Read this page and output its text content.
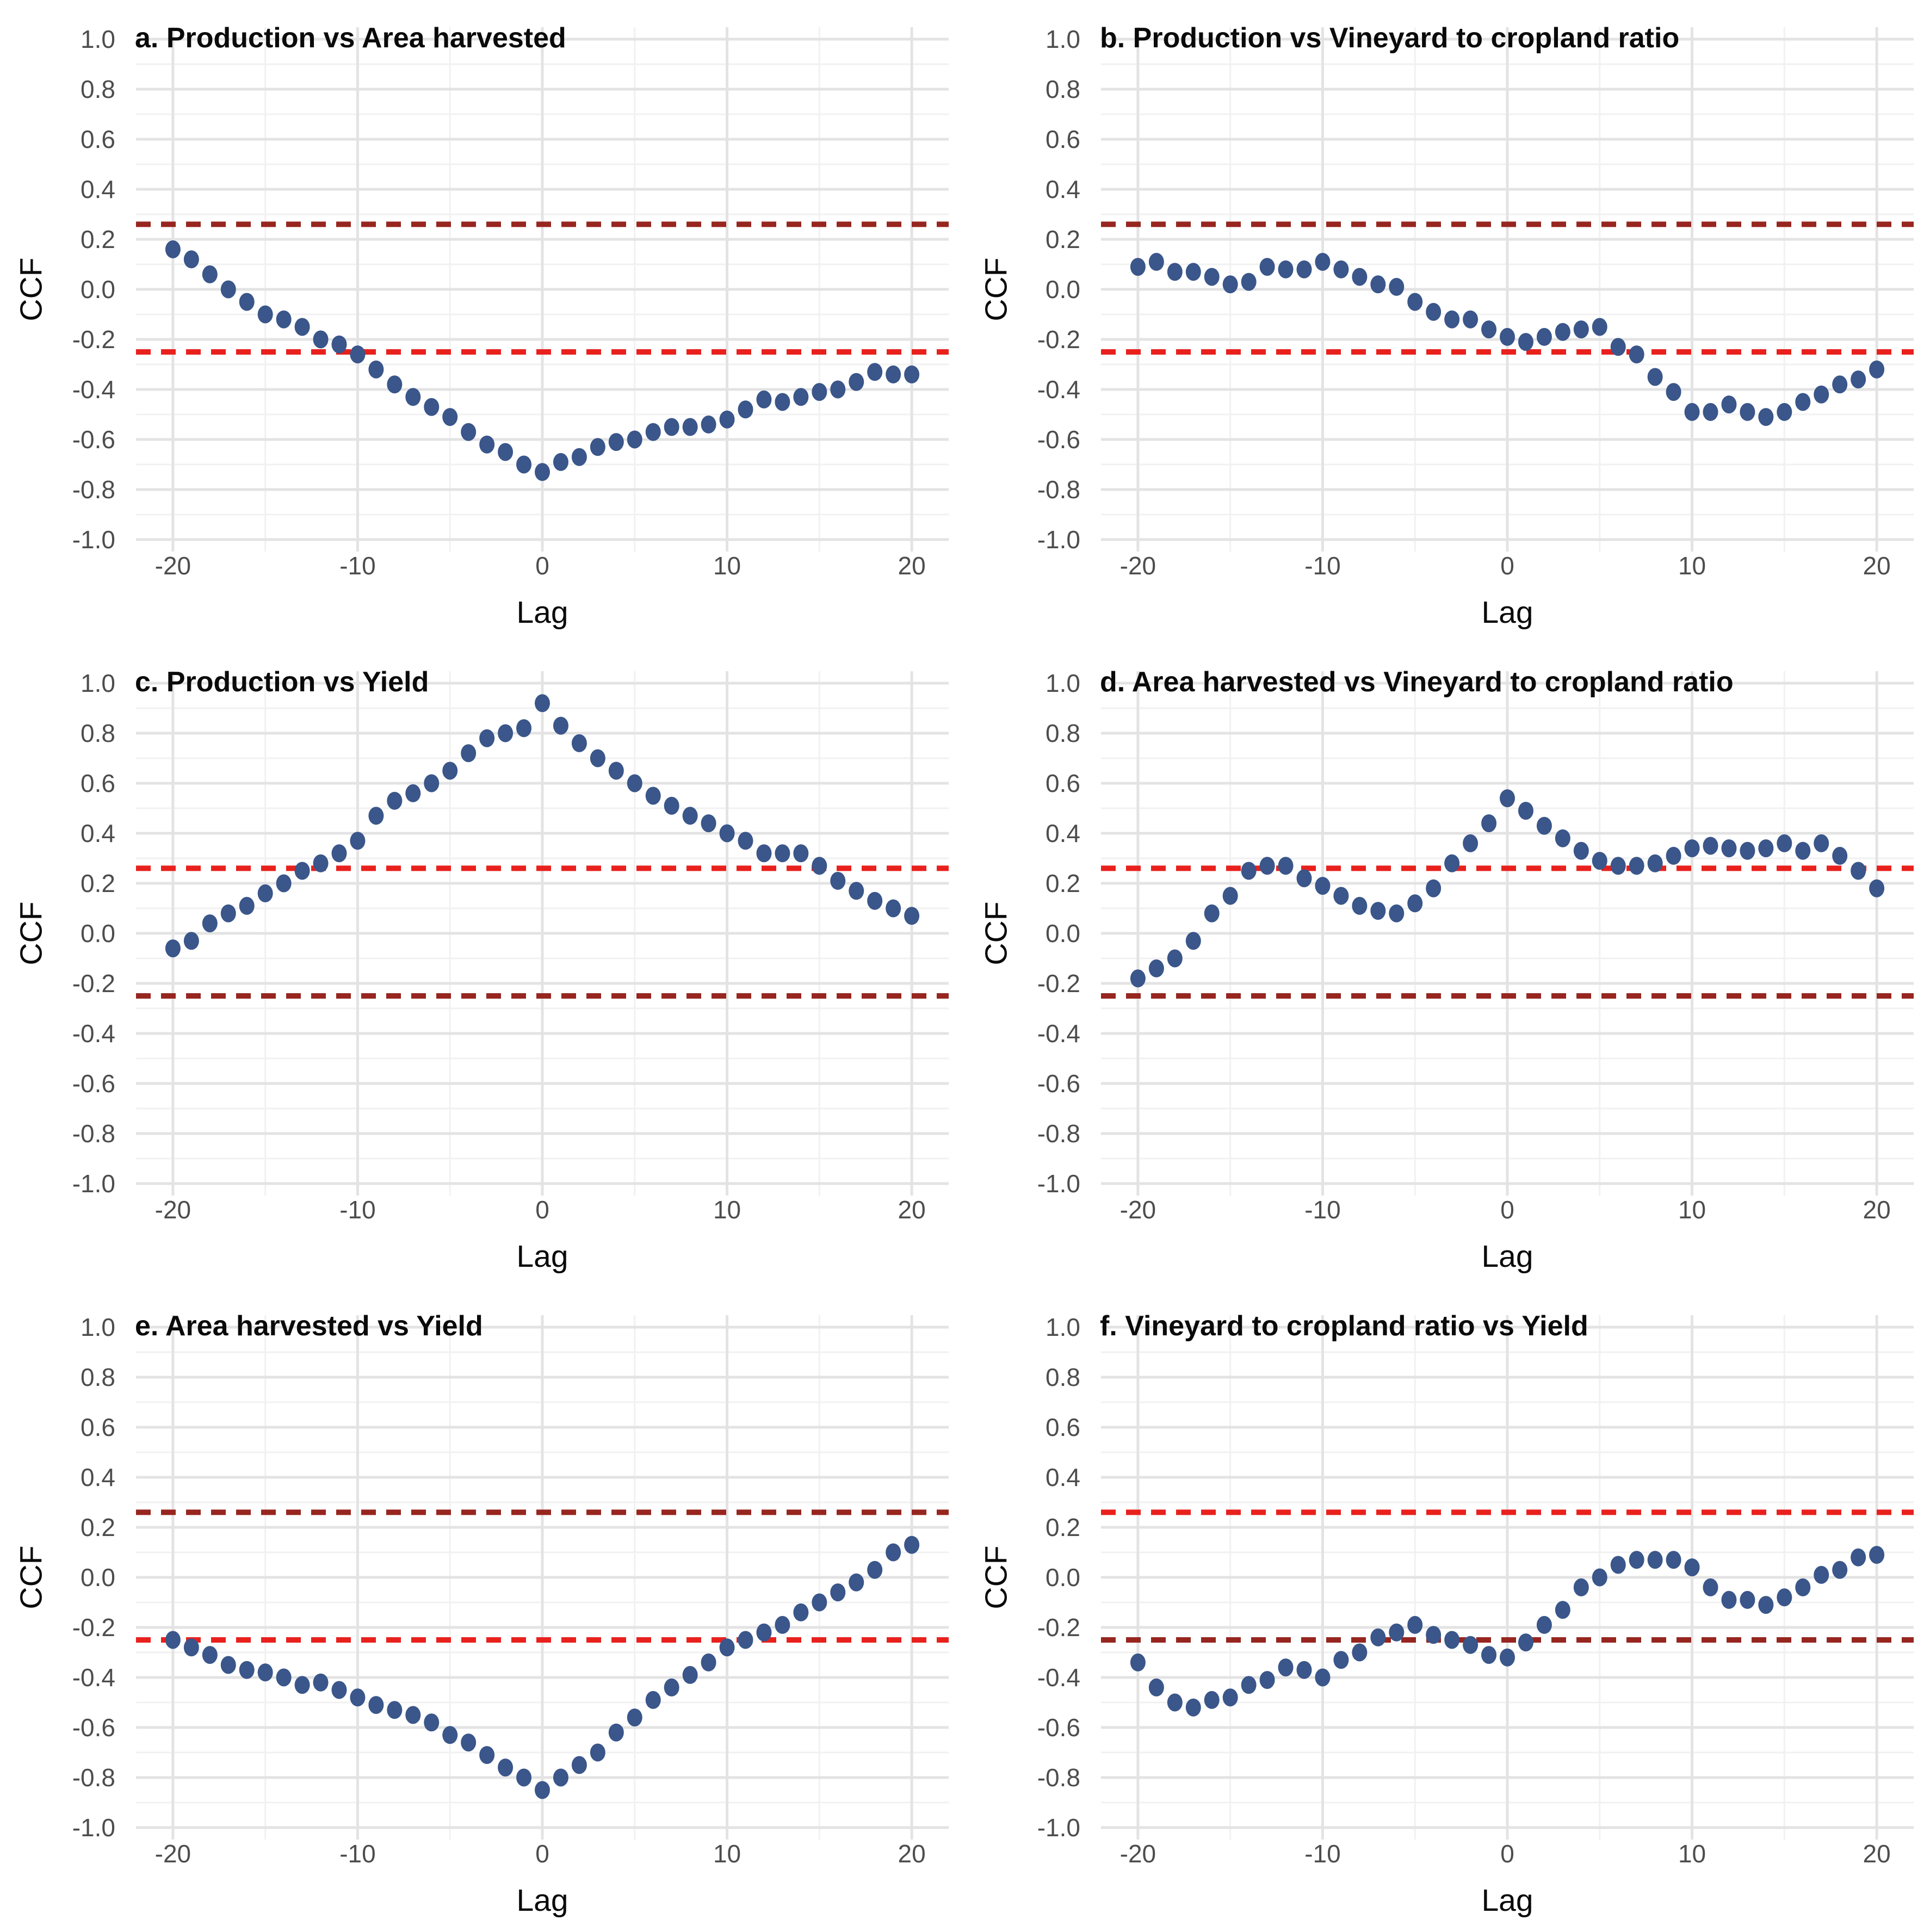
1.0
0.8
0.6
0.4
0.2
0.0
-0.2
-0.4
-0.6
-0.8
-1.0
-20	-10	0	10	20
a. Production vs Area harvested
CCF
Lag
1.0
0.8
0.6
0.4
0.2
0.0
-0.2
-0.4
-0.6
-0.8
-1.0
-20	-10	0	10	20
b. Production vs Vineyard to cropland ratio
CCF
Lag
1.0
0.8
0.6
0.4
0.2
0.0
-0.2
-0.4
-0.6
-0.8
-1.0
-20	-10	0	10	20
c. Production vs Yield
CCF
Lag
1.0
0.8
0.6
0.4
0.2
0.0
-0.2
-0.4
-0.6
-0.8
-1.0
-20	-10	0	10	20
d. Area harvested vs Vineyard to cropland ratio
CCF
Lag
1.0
0.8
0.6
0.4
0.2
0.0
-0.2
-0.4
-0.6
-0.8
-1.0
-20	-10	0	10	20
e. Area harvested vs Yield
CCF
Lag
1.0
0.8
0.6
0.4
0.2
0.0
-0.2
-0.4
-0.6
-0.8
-1.0
-20	-10	0	10	20
f. Vineyard to cropland ratio vs Yield
CCF
Lag
